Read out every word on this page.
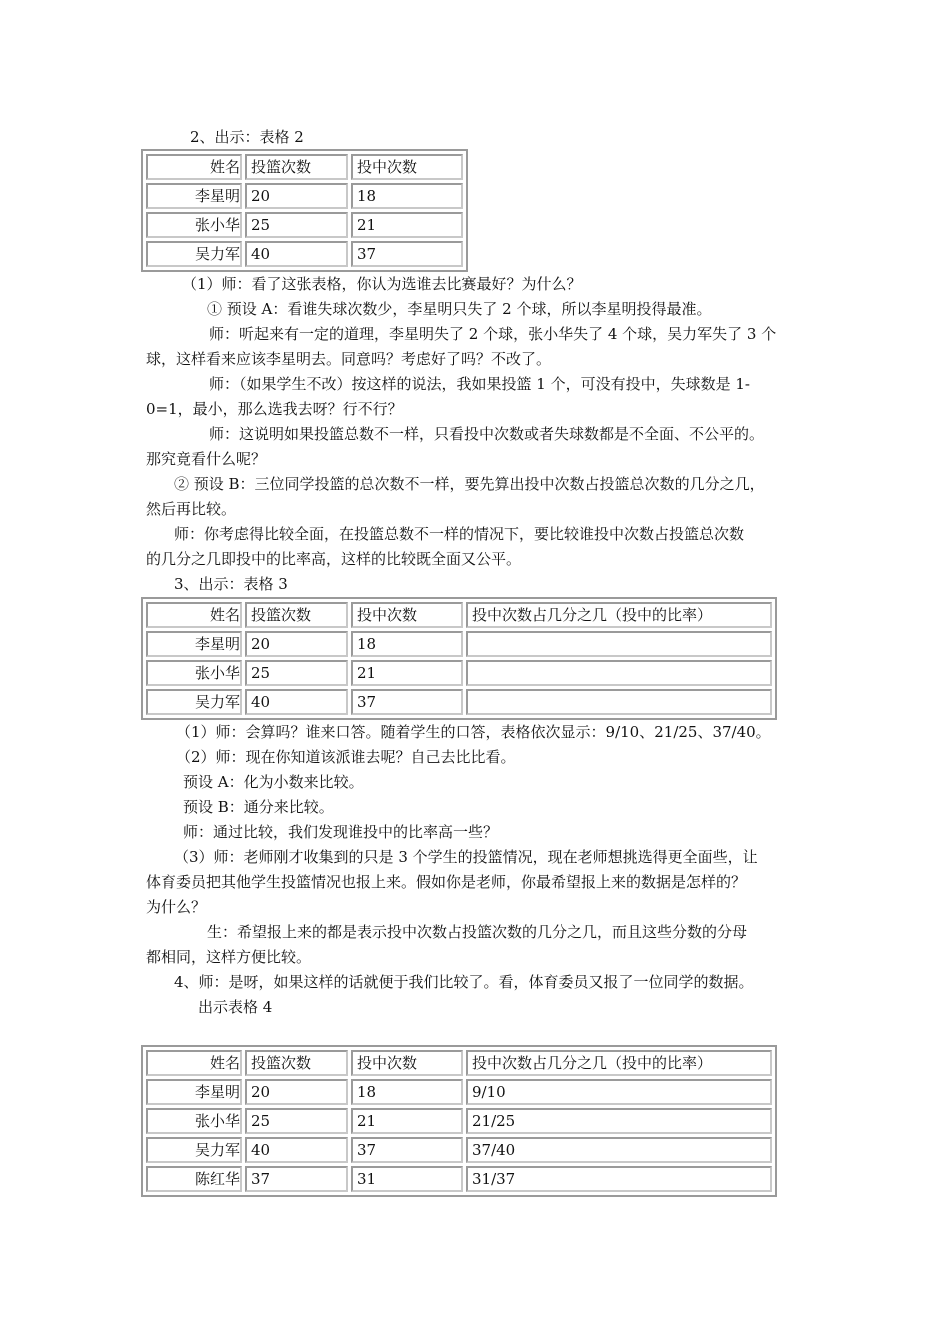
2、出示：表格 2
姓名	投篮次数	投中次数
李星明	20	18
张小华	25	21
吴力军	40	37
（1）师：看了这张表格，你认为选谁去比赛最好？为什么？
① 预设 A：看谁失球次数少，李星明只失了 2 个球，所以李星明投得最准。
师：听起来有一定的道理，李星明失了 2 个球，张小华失了 4 个球，吴力军失了 3 个
球，这样看来应该李星明去。同意吗？考虑好了吗？不改了。
师：（如果学生不改）按这样的说法，我如果投篮 1 个，可没有投中，失球数是 1-
0=1，最小，那么选我去呀？行不行？
师：这说明如果投篮总数不一样，只看投中次数或者失球数都是不全面、不公平的。
那究竟看什么呢？
② 预设 B：三位同学投篮的总次数不一样，要先算出投中次数占投篮总次数的几分之几，
然后再比较。
师：你考虑得比较全面，在投篮总数不一样的情况下，要比较谁投中次数占投篮总次数
的几分之几即投中的比率高，这样的比较既全面又公平。
3、出示：表格 3
姓名	投篮次数	投中次数	投中次数占几分之几（投中的比率）
李星明	20	18	
张小华	25	21	
吴力军	40	37	
（1）师：会算吗？谁来口答。随着学生的口答，表格依次显示：9/10、21/25、37/40。
（2）师：现在你知道该派谁去呢？自己去比比看。
预设 A：化为小数来比较。
预设 B：通分来比较。
师：通过比较，我们发现谁投中的比率高一些？
（3）师：老师刚才收集到的只是 3 个学生的投篮情况，现在老师想挑选得更全面些，让
体育委员把其他学生投篮情况也报上来。假如你是老师，你最希望报上来的数据是怎样的？
为什么？
生：希望报上来的都是表示投中次数占投篮次数的几分之几，而且这些分数的分母
都相同，这样方便比较。
4、师：是呀，如果这样的话就便于我们比较了。看，体育委员又报了一位同学的数据。
出示表格 4
姓名	投篮次数	投中次数	投中次数占几分之几（投中的比率）
李星明	20	18	9/10
张小华	25	21	21/25
吴力军	40	37	37/40
陈红华	37	31	31/37
